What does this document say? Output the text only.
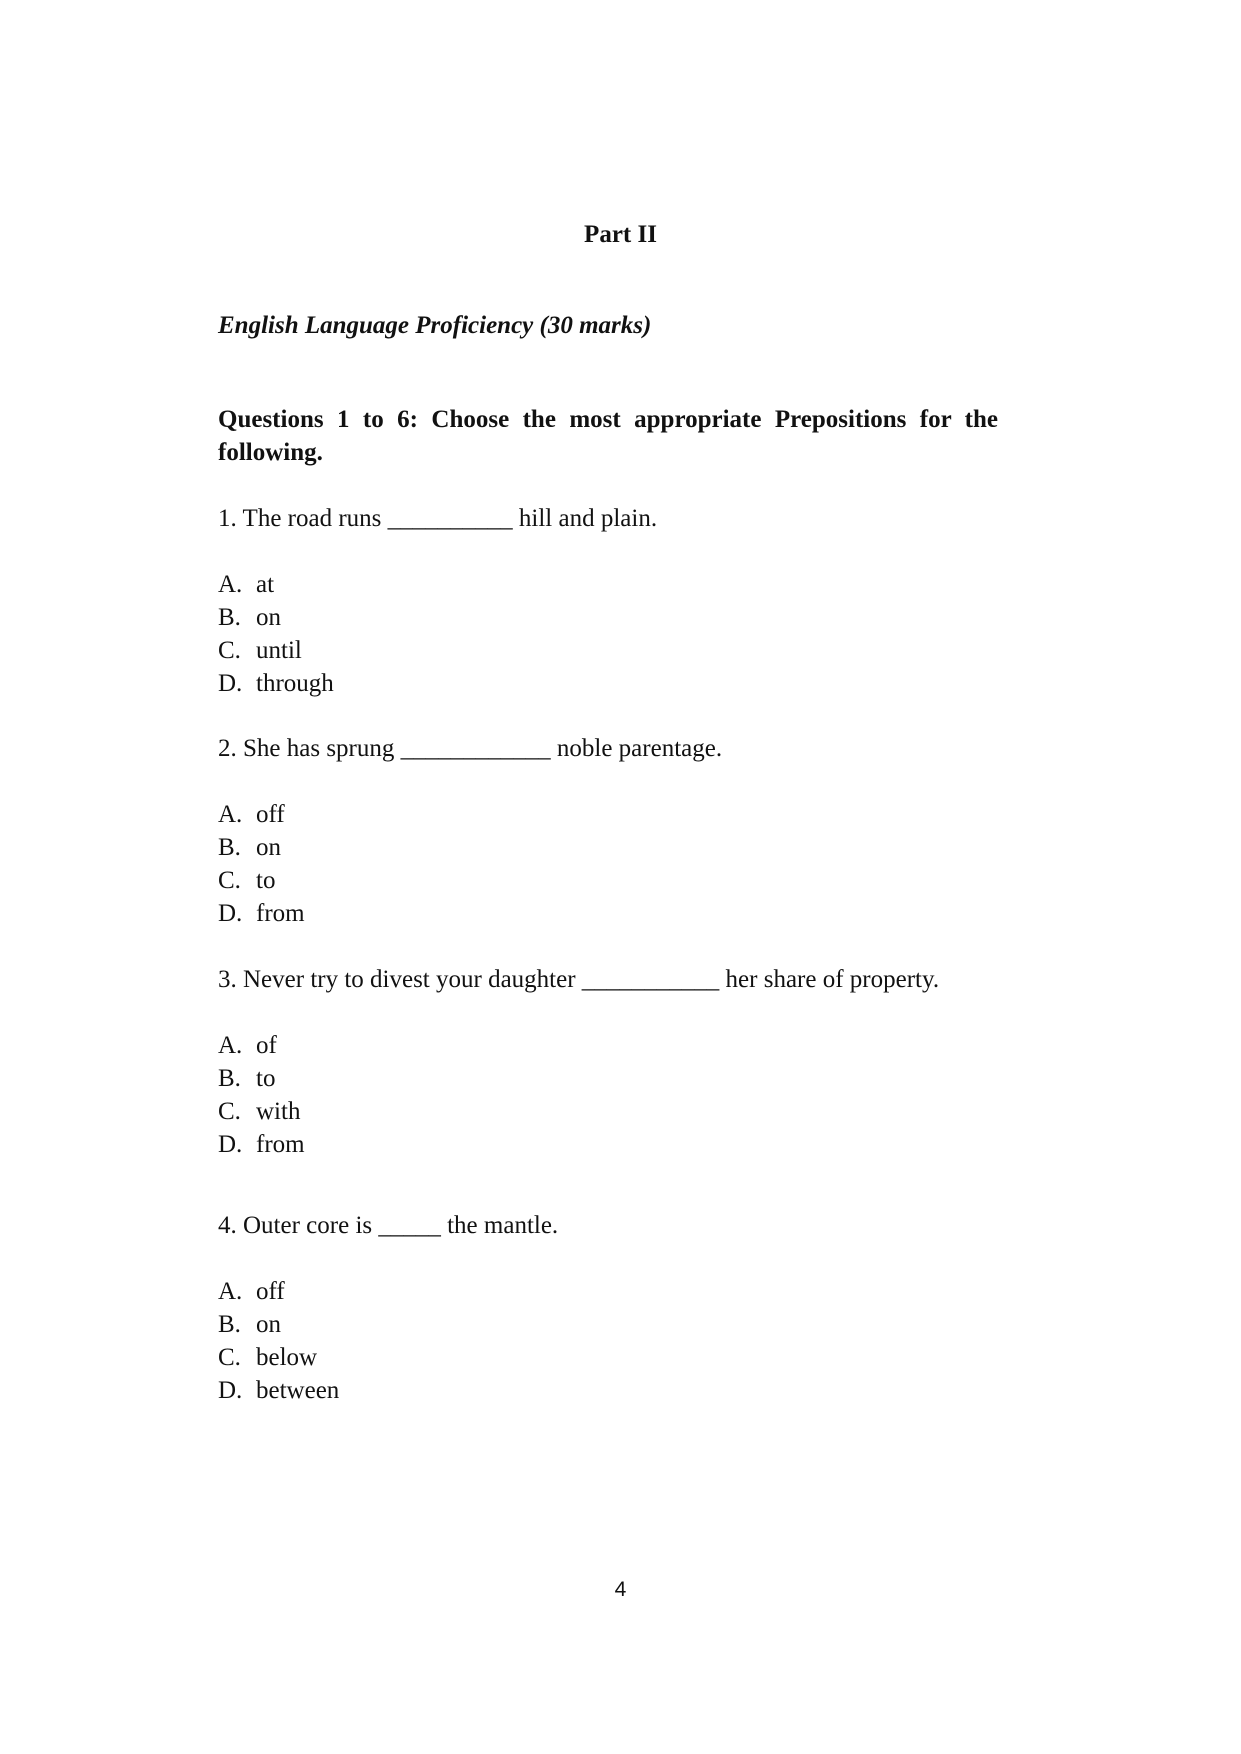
Part II
English Language Proficiency (30 marks)

Questions 1 to 6: Choose the most appropriate Prepositions for the following.

1. The road runs __________ hill and plain.

A. at
B. on
C. until
D. through

2. She has sprung ____________ noble parentage.

A. off
B. on
C. to
D. from

3. Never try to divest your daughter ___________ her share of property.

A. of
B. to
C. with
D. from

4. Outer core is _____ the mantle.

A. off
B. on
C. below
D. between

4
